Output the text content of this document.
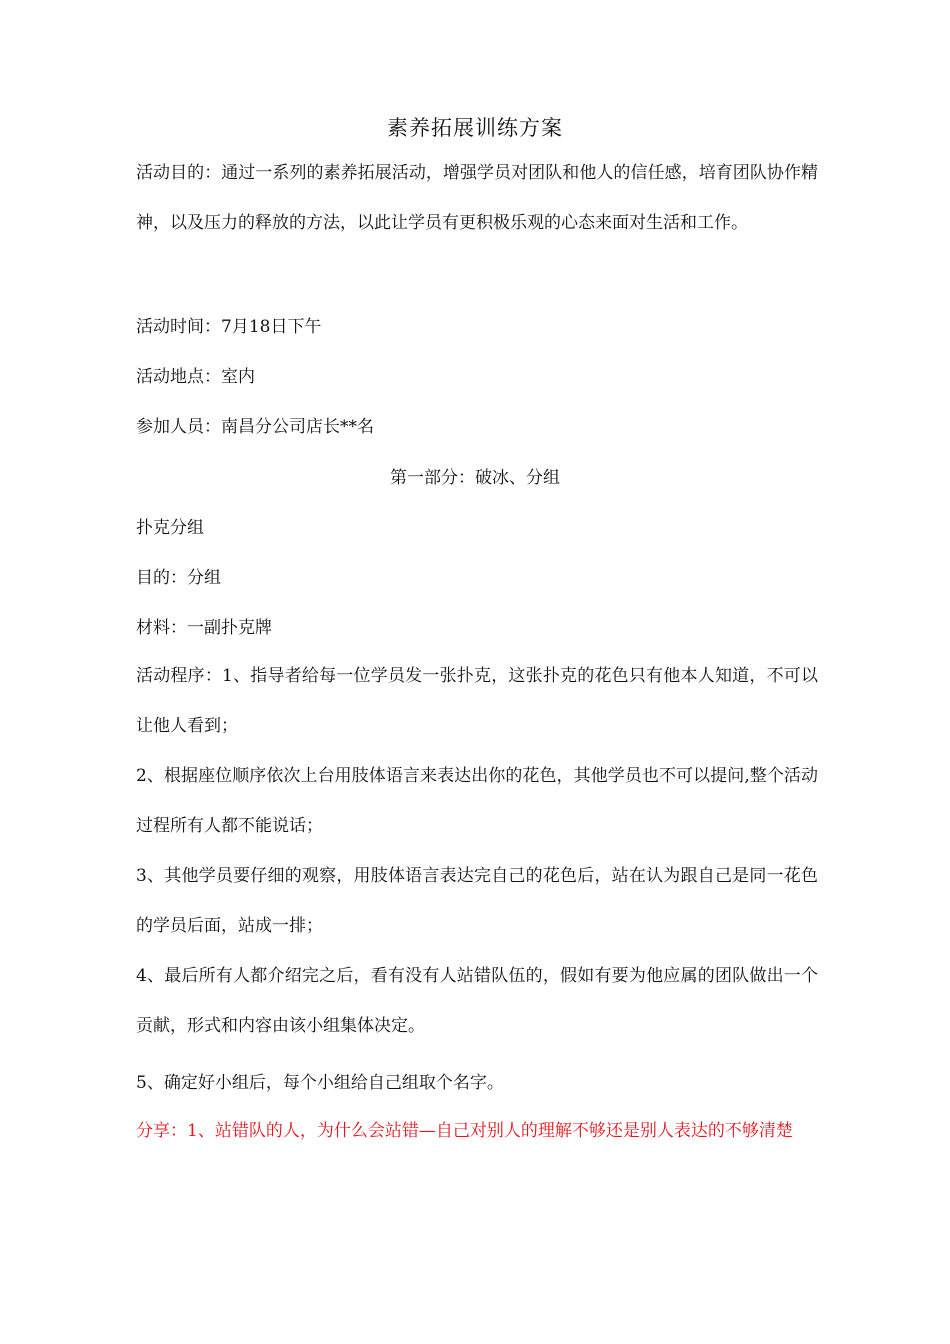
素养拓展训练方案
活动目的：通过一系列的素养拓展活动，增强学员对团队和他人的信任感，培育团队协作精神，以及压力的释放的方法，以此让学员有更积极乐观的心态来面对生活和工作。
活动时间：7月18日下午
活动地点：室内
参加人员：南昌分公司店长**名
第一部分：破冰、分组
扑克分组
目的：分组
材料：一副扑克牌
活动程序：1、指导者给每一位学员发一张扑克，这张扑克的花色只有他本人知道，不可以让他人看到；
2、根据座位顺序依次上台用肢体语言来表达出你的花色，其他学员也不可以提问,整个活动过程所有人都不能说话；
3、其他学员要仔细的观察，用肢体语言表达完自己的花色后，站在认为跟自己是同一花色的学员后面，站成一排；
4、最后所有人都介绍完之后，看有没有人站错队伍的，假如有要为他应属的团队做出一个贡献，形式和内容由该小组集体决定。
5、确定好小组后，每个小组给自己组取个名字。
分享：1、站错队的人，为什么会站错—自己对别人的理解不够还是别人表达的不够清楚
